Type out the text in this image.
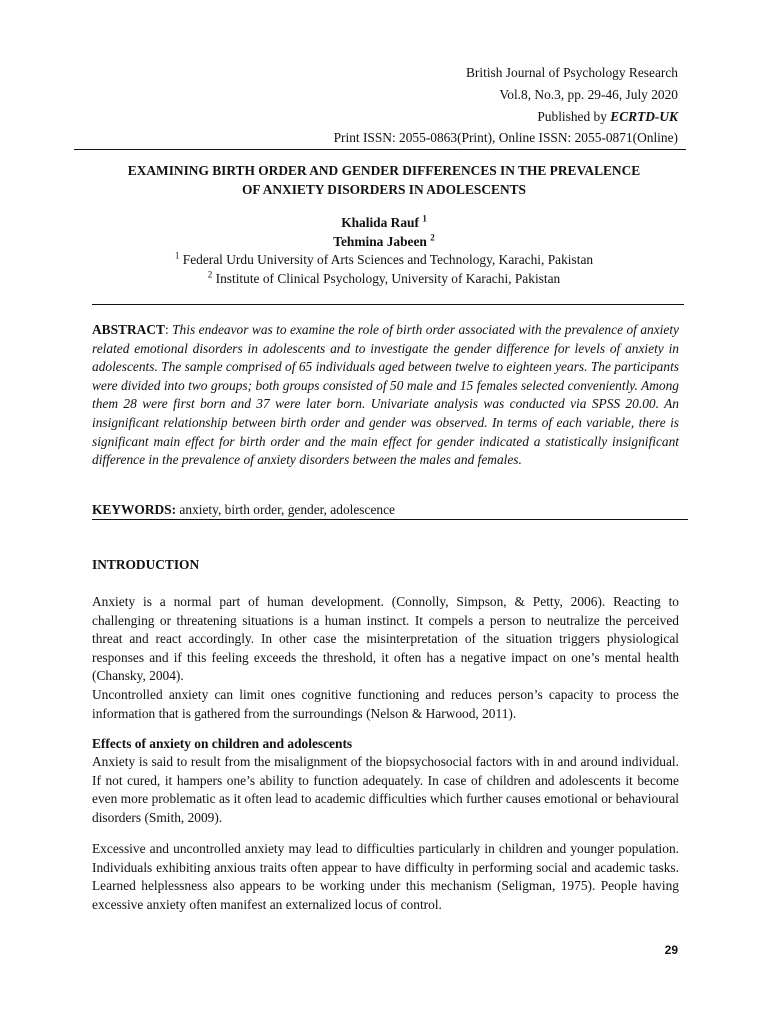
British Journal of Psychology Research
Vol.8, No.3, pp. 29-46, July 2020
Published by ECRTD-UK
Print ISSN: 2055-0863(Print), Online ISSN: 2055-0871(Online)
EXAMINING BIRTH ORDER AND GENDER DIFFERENCES IN THE PREVALENCE
OF ANXIETY DISORDERS IN ADOLESCENTS
Khalida Rauf $^1$
Tehmina Jabeen $^2$
$^1$ Federal Urdu University of Arts Sciences and Technology, Karachi, Pakistan
$^2$ Institute of Clinical Psychology, University of Karachi, Pakistan
ABSTRACT: This endeavor was to examine the role of birth order associated with the prevalence of anxiety related emotional disorders in adolescents and to investigate the gender difference for levels of anxiety in adolescents. The sample comprised of 65 individuals aged between twelve to eighteen years. The participants were divided into two groups; both groups consisted of 50 male and 15 females selected conveniently. Among them 28 were first born and 37 were later born. Univariate analysis was conducted via SPSS 20.00. An insignificant relationship between birth order and gender was observed. In terms of each variable, there is significant main effect for birth order and the main effect for gender indicated a statistically insignificant difference in the prevalence of anxiety disorders between the males and females.
KEYWORDS: anxiety, birth order, gender, adolescence
INTRODUCTION

Anxiety is a normal part of human development. (Connolly, Simpson, & Petty, 2006). Reacting to challenging or threatening situations is a human instinct. It compels a person to neutralize the perceived threat and react accordingly. In other case the misinterpretation of the situation triggers physiological responses and if this feeling exceeds the threshold, it often has a negative impact on one’s mental health (Chansky, 2004).

Uncontrolled anxiety can limit ones cognitive functioning and reduces person’s capacity to process the information that is gathered from the surroundings (Nelson & Harwood, 2011).

Effects of anxiety on children and adolescents

Anxiety is said to result from the misalignment of the biopsychosocial factors with in and around individual. If not cured, it hampers one’s ability to function adequately. In case of children and adolescents it become even more problematic as it often lead to academic difficulties which further causes emotional or behavioural disorders (Smith, 2009).

Excessive and uncontrolled anxiety may lead to difficulties particularly in children and younger population. Individuals exhibiting anxious traits often appear to have difficulty in performing social and academic tasks. Learned helplessness also appears to be working under this mechanism (Seligman, 1975). People having excessive anxiety often manifest an externalized locus of control.

29
